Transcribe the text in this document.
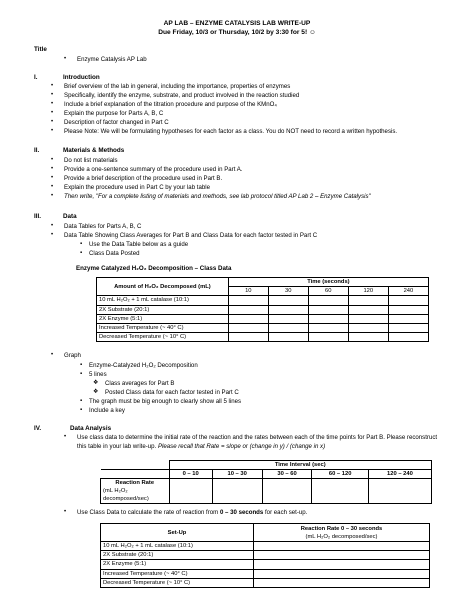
AP LAB – ENZYME CATALYSIS LAB WRITE-UP
Due Friday, 10/3 or Thursday, 10/2 by 3:30 for 5! ☺
Title
• Enzyme Catalysis AP Lab
I.	Introduction
• Brief overview of the lab in general, including the importance, properties of enzymes
• Specifically, identify the enzyme, substrate, and product involved in the reaction studied
• Include a brief explanation of the titration procedure and purpose of the KMnO₄
• Explain the purpose for Parts A, B, C
• Description of factor changed in Part C
• Please Note: We will be formulating hypotheses for each factor as a class. You do NOT need to record a written hypothesis.
II.	Materials & Methods
• Do not list materials
• Provide a one-sentence summary of the procedure used in Part A.
• Provide a brief description of the procedure used in Part B.
• Explain the procedure used in Part C by your lab table
• Then write, "For a complete listing of materials and methods, see lab protocol titled AP Lab 2 – Enzyme Catalysis"
III.	Data
• Data Tables for Parts A, B, C
• Data Table Showing Class Averages for Part B and Class Data for each factor tested in Part C
▪ Use the Data Table below as a guide
▪ Class Data Posted
Enzyme Catalyzed H₂O₂ Decomposition – Class Data
Amount of H₂O₂ Decomposed (mL)	Time (seconds)				
	10	30	60	120	240
10 mL H₂O₂ + 1 mL catalase (10:1)					
2X Substrate (20:1)					
2X Enzyme (5:1)					
Increased Temperature (~ 40° C)					
Decreased Temperature (~ 10° C)					
• Graph
▪ Enzyme-Catalyzed H₂O₂ Decomposition
▪ 5 lines
❖ Class averages for Part B
❖ Posted Class data for each factor tested in Part C
▪ The graph must be big enough to clearly show all 5 lines
▪ Include a key
IV.	Data Analysis
• Use class data to determine the initial rate of the reaction and the rates between each of the time points for Part B. Please reconstruct
this table in your lab write-up. Please recall that Rate = slope or (change in y) / (change in x)
	Time Interval (sec)				
	0 – 10	10 – 30	30 – 60	60 – 120	120 – 240

Reaction Rate
(mL H₂O₂ decomposed/sec)					

• Use Class Data to calculate the rate of reaction from 0 – 30 seconds for each set-up.
Set-Up	Reaction Rate 0 – 30 seconds
(mL H₂O₂ decomposed/sec)

10 mL H₂O₂ + 1 mL catalase (10:1)	
2X Substrate (20:1)	
2X Enzyme (5:1)	
Increased Temperature (~ 40° C)	
Decreased Temperature (~ 10° C)	
